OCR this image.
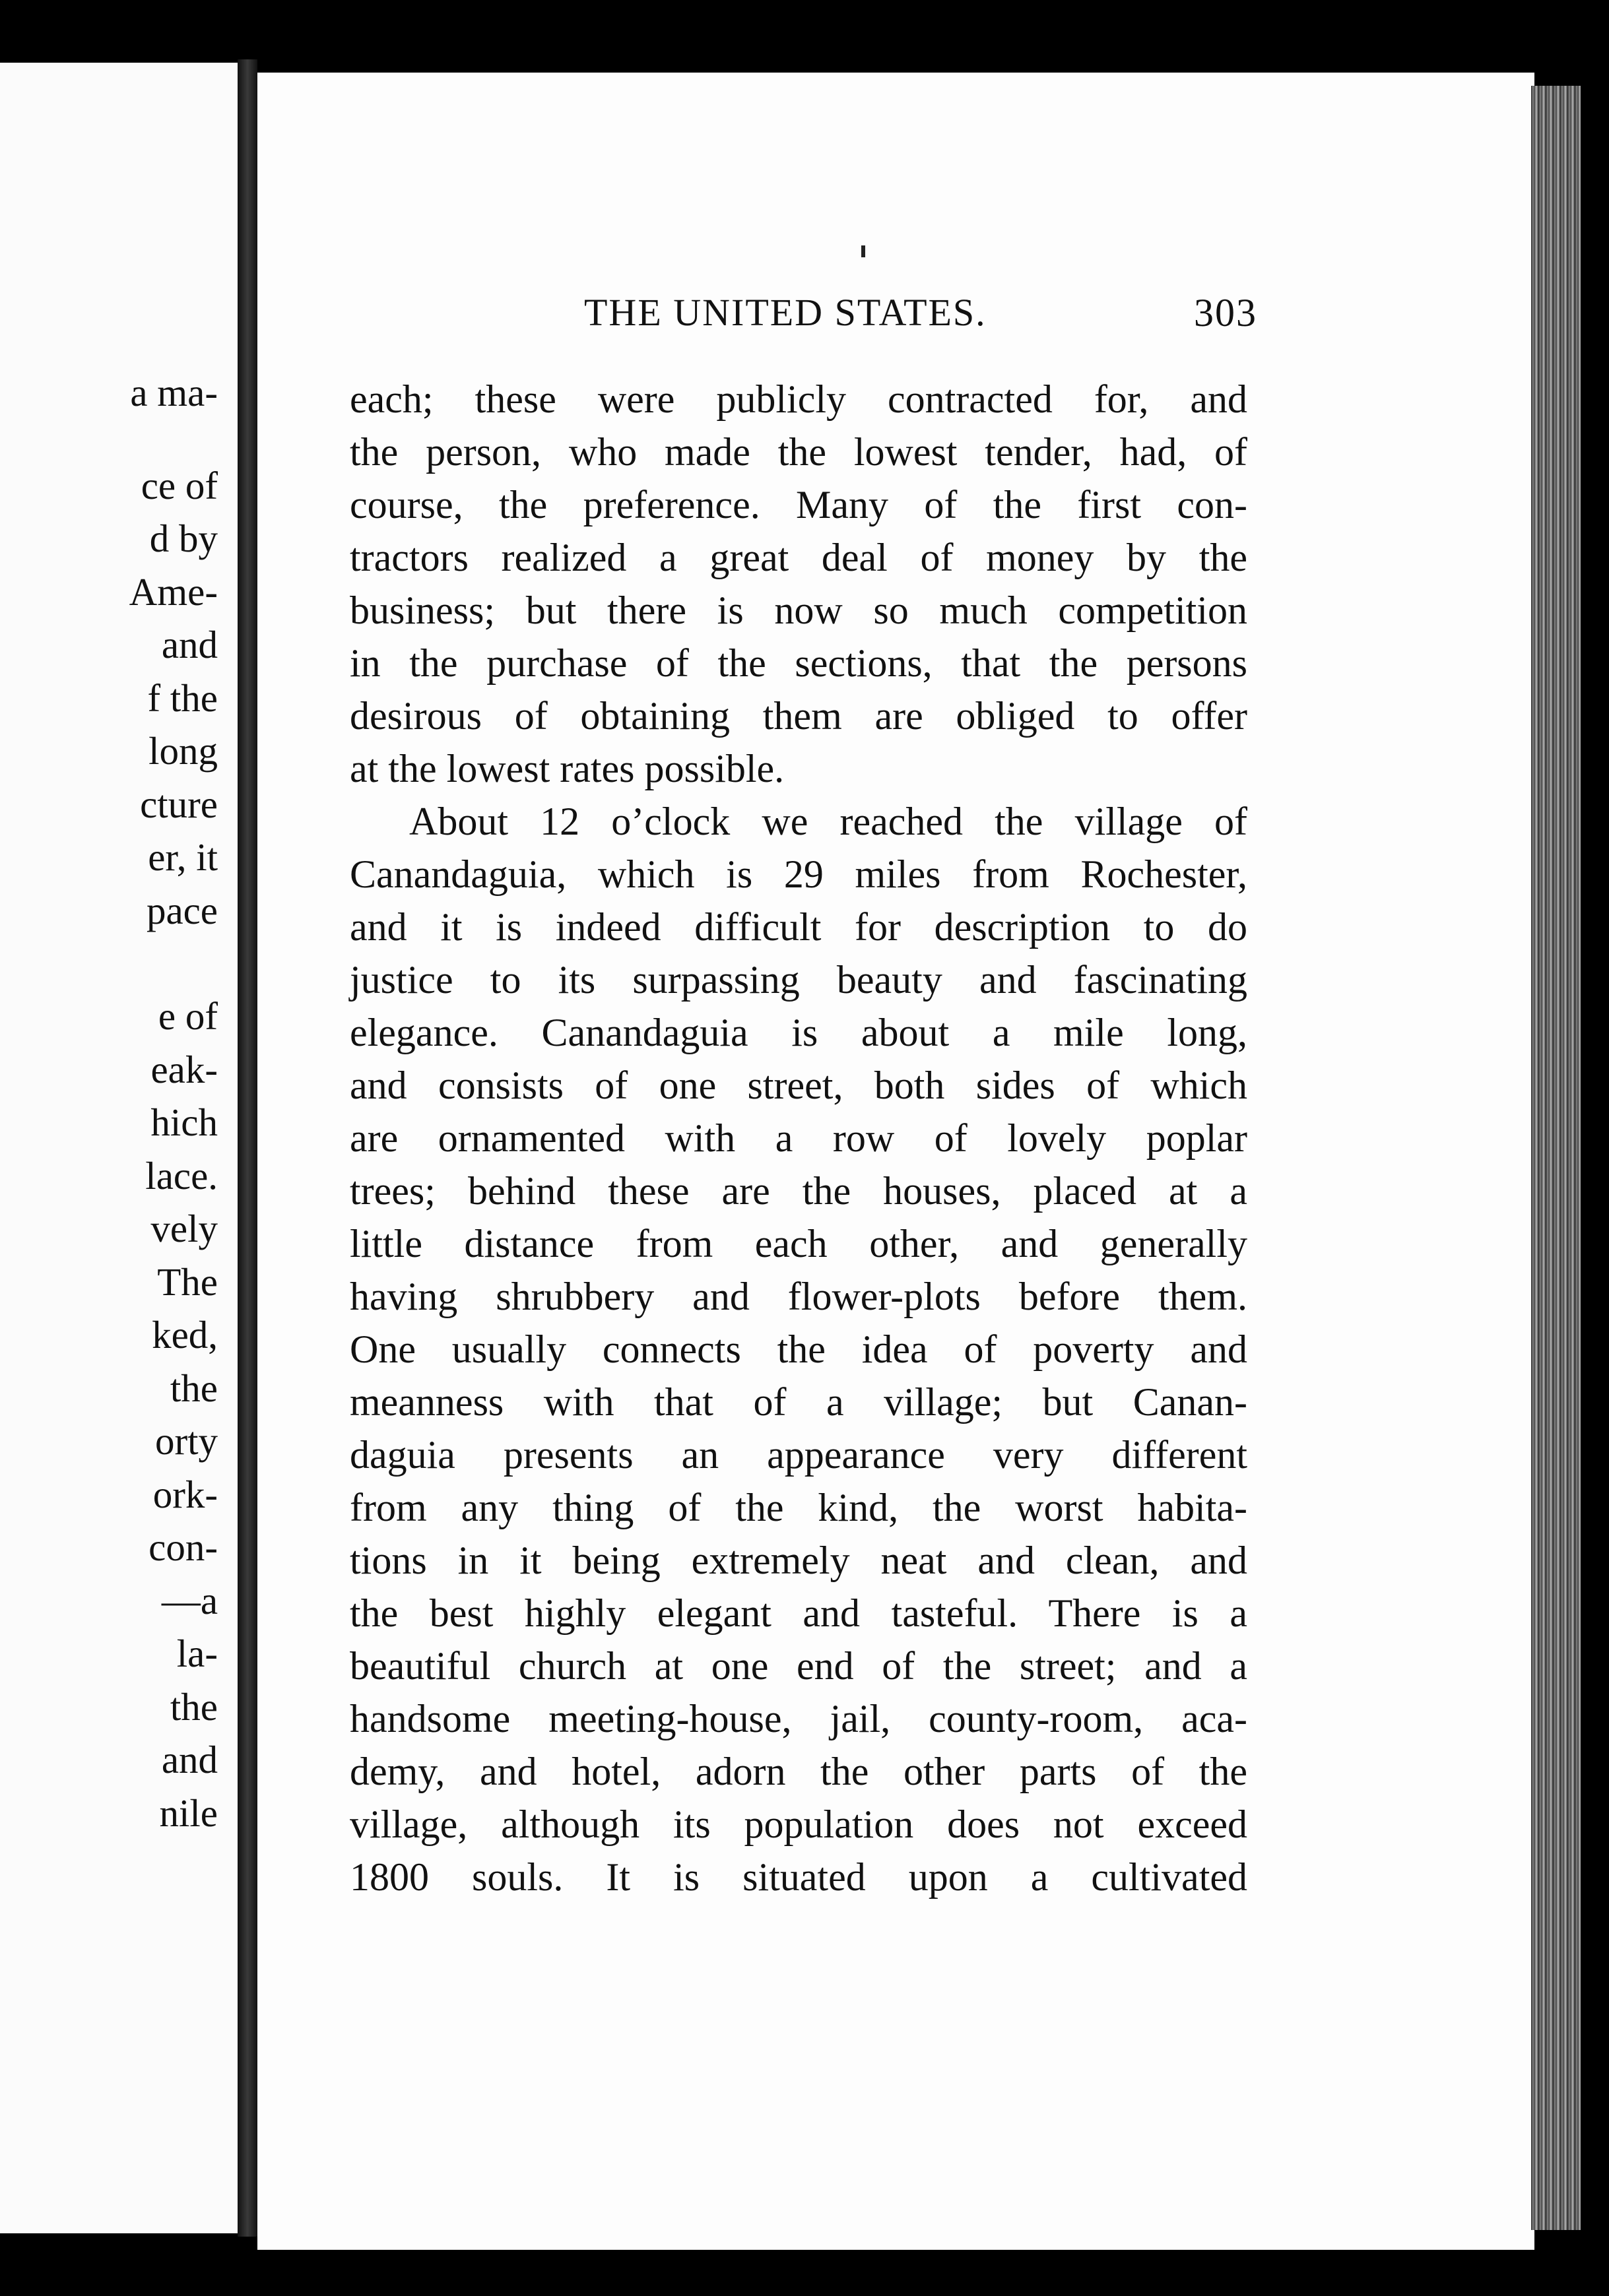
a ma-
ce of
d by
Ame-
and
f the
long
cture
er, it
pace
e of
eak-
hich
lace.
vely
The
ked,
the
orty
ork-
con-
—a
la-
the
and
nile
THE UNITED STATES.	303
each; these were publicly contracted for, and
the person, who made the lowest tender, had, of
course, the preference. Many of the first con-
tractors realized a great deal of money by the
business; but there is now so much competition
in the purchase of the sections, that the persons
desirous of obtaining them are obliged to offer
at the lowest rates possible.
About 12 o’clock we reached the village of
Canandaguia, which is 29 miles from Rochester,
and it is indeed difficult for description to do
justice to its surpassing beauty and fascinating
elegance. Canandaguia is about a mile long,
and consists of one street, both sides of which
are ornamented with a row of lovely poplar
trees; behind these are the houses, placed at a
little distance from each other, and generally
having shrubbery and flower-plots before them.
One usually connects the idea of poverty and
meanness with that of a village; but Canan-
daguia presents an appearance very different
from any thing of the kind, the worst habita-
tions in it being extremely neat and clean, and
the best highly elegant and tasteful. There is a
beautiful church at one end of the street; and a
handsome meeting-house, jail, county-room, aca-
demy, and hotel, adorn the other parts of the
village, although its population does not exceed
1800 souls. It is situated upon a cultivated
